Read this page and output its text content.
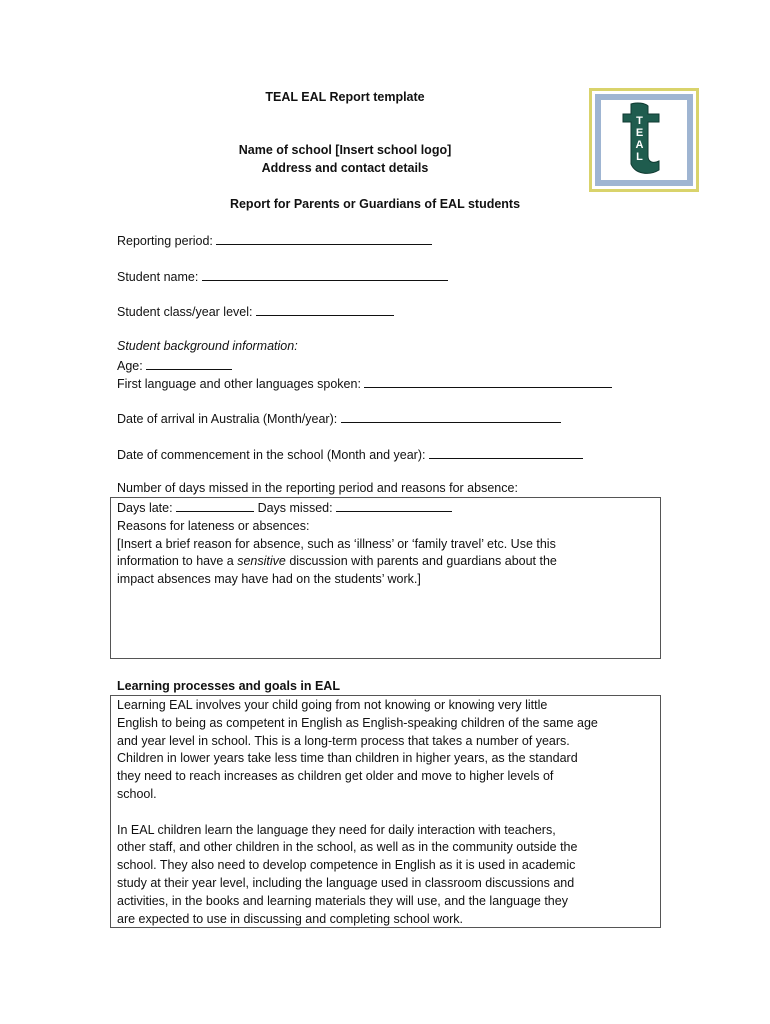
TEAL EAL Report template
Name of school [Insert school logo]
Address and contact details
Report for Parents or Guardians of EAL students
T
E
A
L
Reporting period:
Student name:
Student class/year level:
Student background information:
Age:
First language and other languages spoken:
Date of arrival in Australia (Month/year):
Date of commencement in the school (Month and year):
Number of days missed in the reporting period and reasons for absence:
Days late:	Days missed:
Reasons for lateness or absences:
[Insert a brief reason for absence, such as ‘illness’ or ‘family travel’ etc. Use this
information to have a sensitive discussion with parents and guardians about the
impact absences may have had on the students’ work.]
Learning processes and goals in EAL
Learning EAL involves your child going from not knowing or knowing very little
English to being as competent in English as English-speaking children of the same age
and year level in school. This is a long-term process that takes a number of years.
Children in lower years take less time than children in higher years, as the standard
they need to reach increases as children get older and move to higher levels of
school.
In EAL children learn the language they need for daily interaction with teachers,
other staff, and other children in the school, as well as in the community outside the
school. They also need to develop competence in English as it is used in academic
study at their year level, including the language used in classroom discussions and
activities, in the books and learning materials they will use, and the language they
are expected to use in discussing and completing school work.
